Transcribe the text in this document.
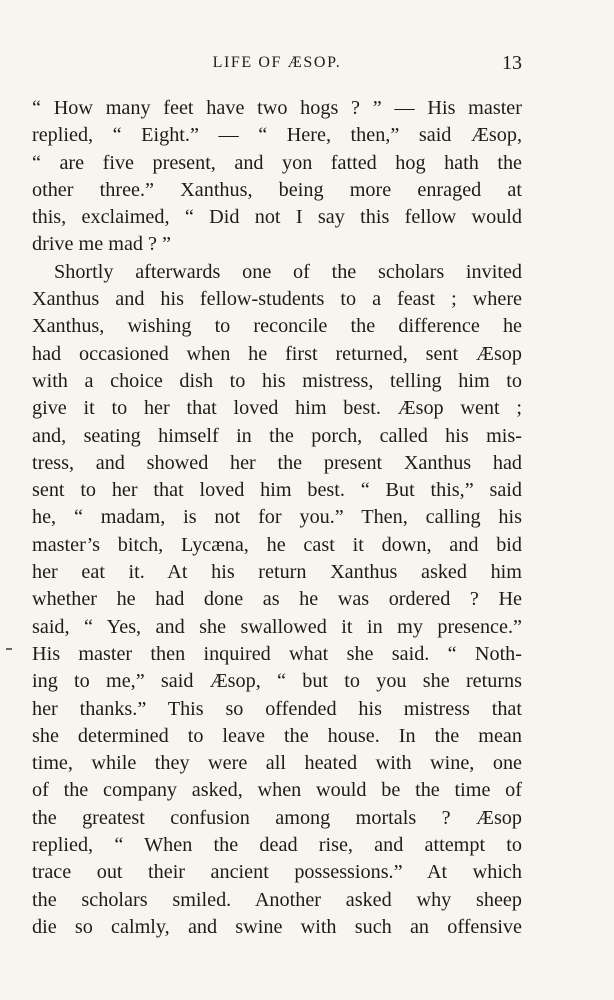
LIFE OF ÆSOP.	13
“ How many feet have two hogs ? ” — His master
replied, “ Eight.” — “ Here, then,” said Æsop,
“ are five present, and yon fatted hog hath the
other three.” Xanthus, being more enraged at
this, exclaimed, “ Did not I say this fellow would
drive me mad ? ”
Shortly afterwards one of the scholars invited
Xanthus and his fellow-students to a feast ; where
Xanthus, wishing to reconcile the difference he
had occasioned when he first returned, sent Æsop
with a choice dish to his mistress, telling him to
give it to her that loved him best. Æsop went ;
and, seating himself in the porch, called his mis-
tress, and showed her the present Xanthus had
sent to her that loved him best. “ But this,” said
he, “ madam, is not for you.” Then, calling his
master’s bitch, Lycæna, he cast it down, and bid
her eat it. At his return Xanthus asked him
whether he had done as he was ordered ? He
said, “ Yes, and she swallowed it in my presence.”
His master then inquired what she said. “ Noth-
ing to me,” said Æsop, “ but to you she returns
her thanks.” This so offended his mistress that
she determined to leave the house. In the mean
time, while they were all heated with wine, one
of the company asked, when would be the time of
the greatest confusion among mortals ? Æsop
replied, “ When the dead rise, and attempt to
trace out their ancient possessions.” At which
the scholars smiled. Another asked why sheep
die so calmly, and swine with such an offensive
